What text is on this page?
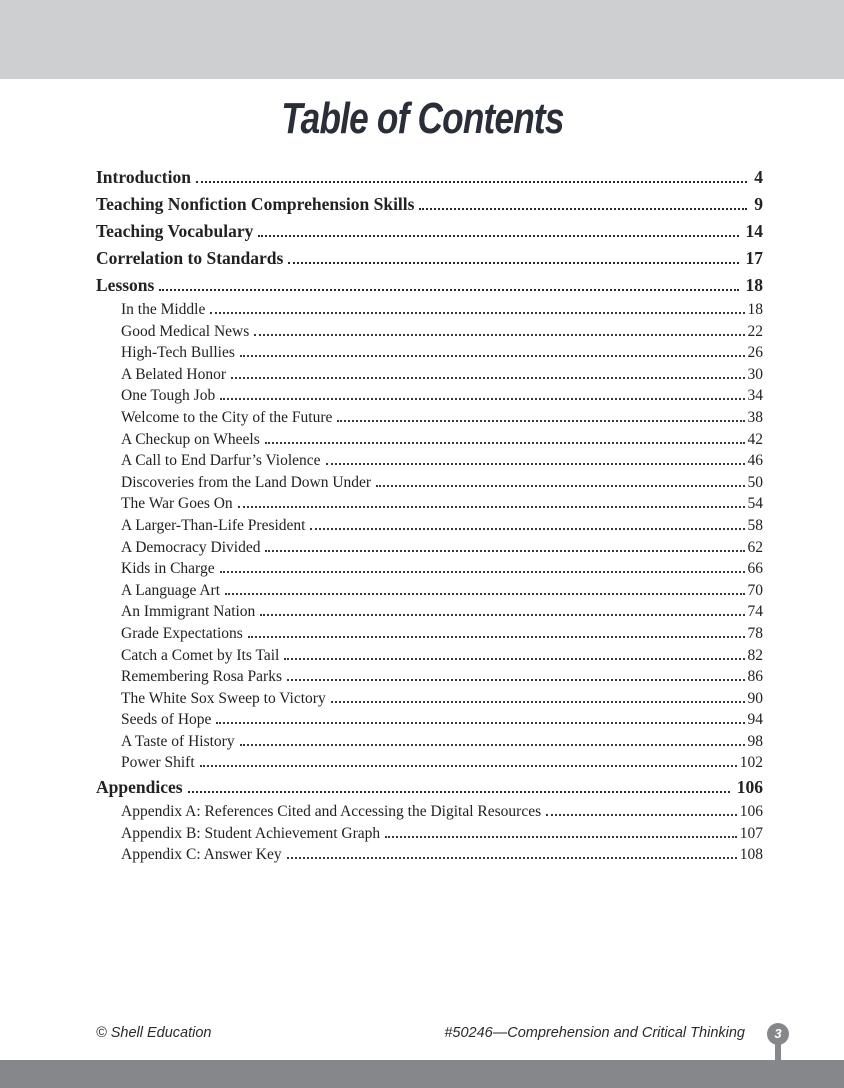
Table of Contents
Introduction	4
Teaching Nonfiction Comprehension Skills	9
Teaching Vocabulary	14
Correlation to Standards	17
Lessons	18
In the Middle	18
Good Medical News	22
High-Tech Bullies	26
A Belated Honor	30
One Tough Job	34
Welcome to the City of the Future	38
A Checkup on Wheels	42
A Call to End Darfur’s Violence	46
Discoveries from the Land Down Under	50
The War Goes On	54
A Larger-Than-Life President	58
A Democracy Divided	62
Kids in Charge	66
A Language Art	70
An Immigrant Nation	74
Grade Expectations	78
Catch a Comet by Its Tail	82
Remembering Rosa Parks	86
The White Sox Sweep to Victory	90
Seeds of Hope	94
A Taste of History	98
Power Shift	102
Appendices	106
Appendix A: References Cited and Accessing the Digital Resources	106
Appendix B: Student Achievement Graph	107
Appendix C: Answer Key	108
© Shell Education	#50246—Comprehension and Critical Thinking	3
